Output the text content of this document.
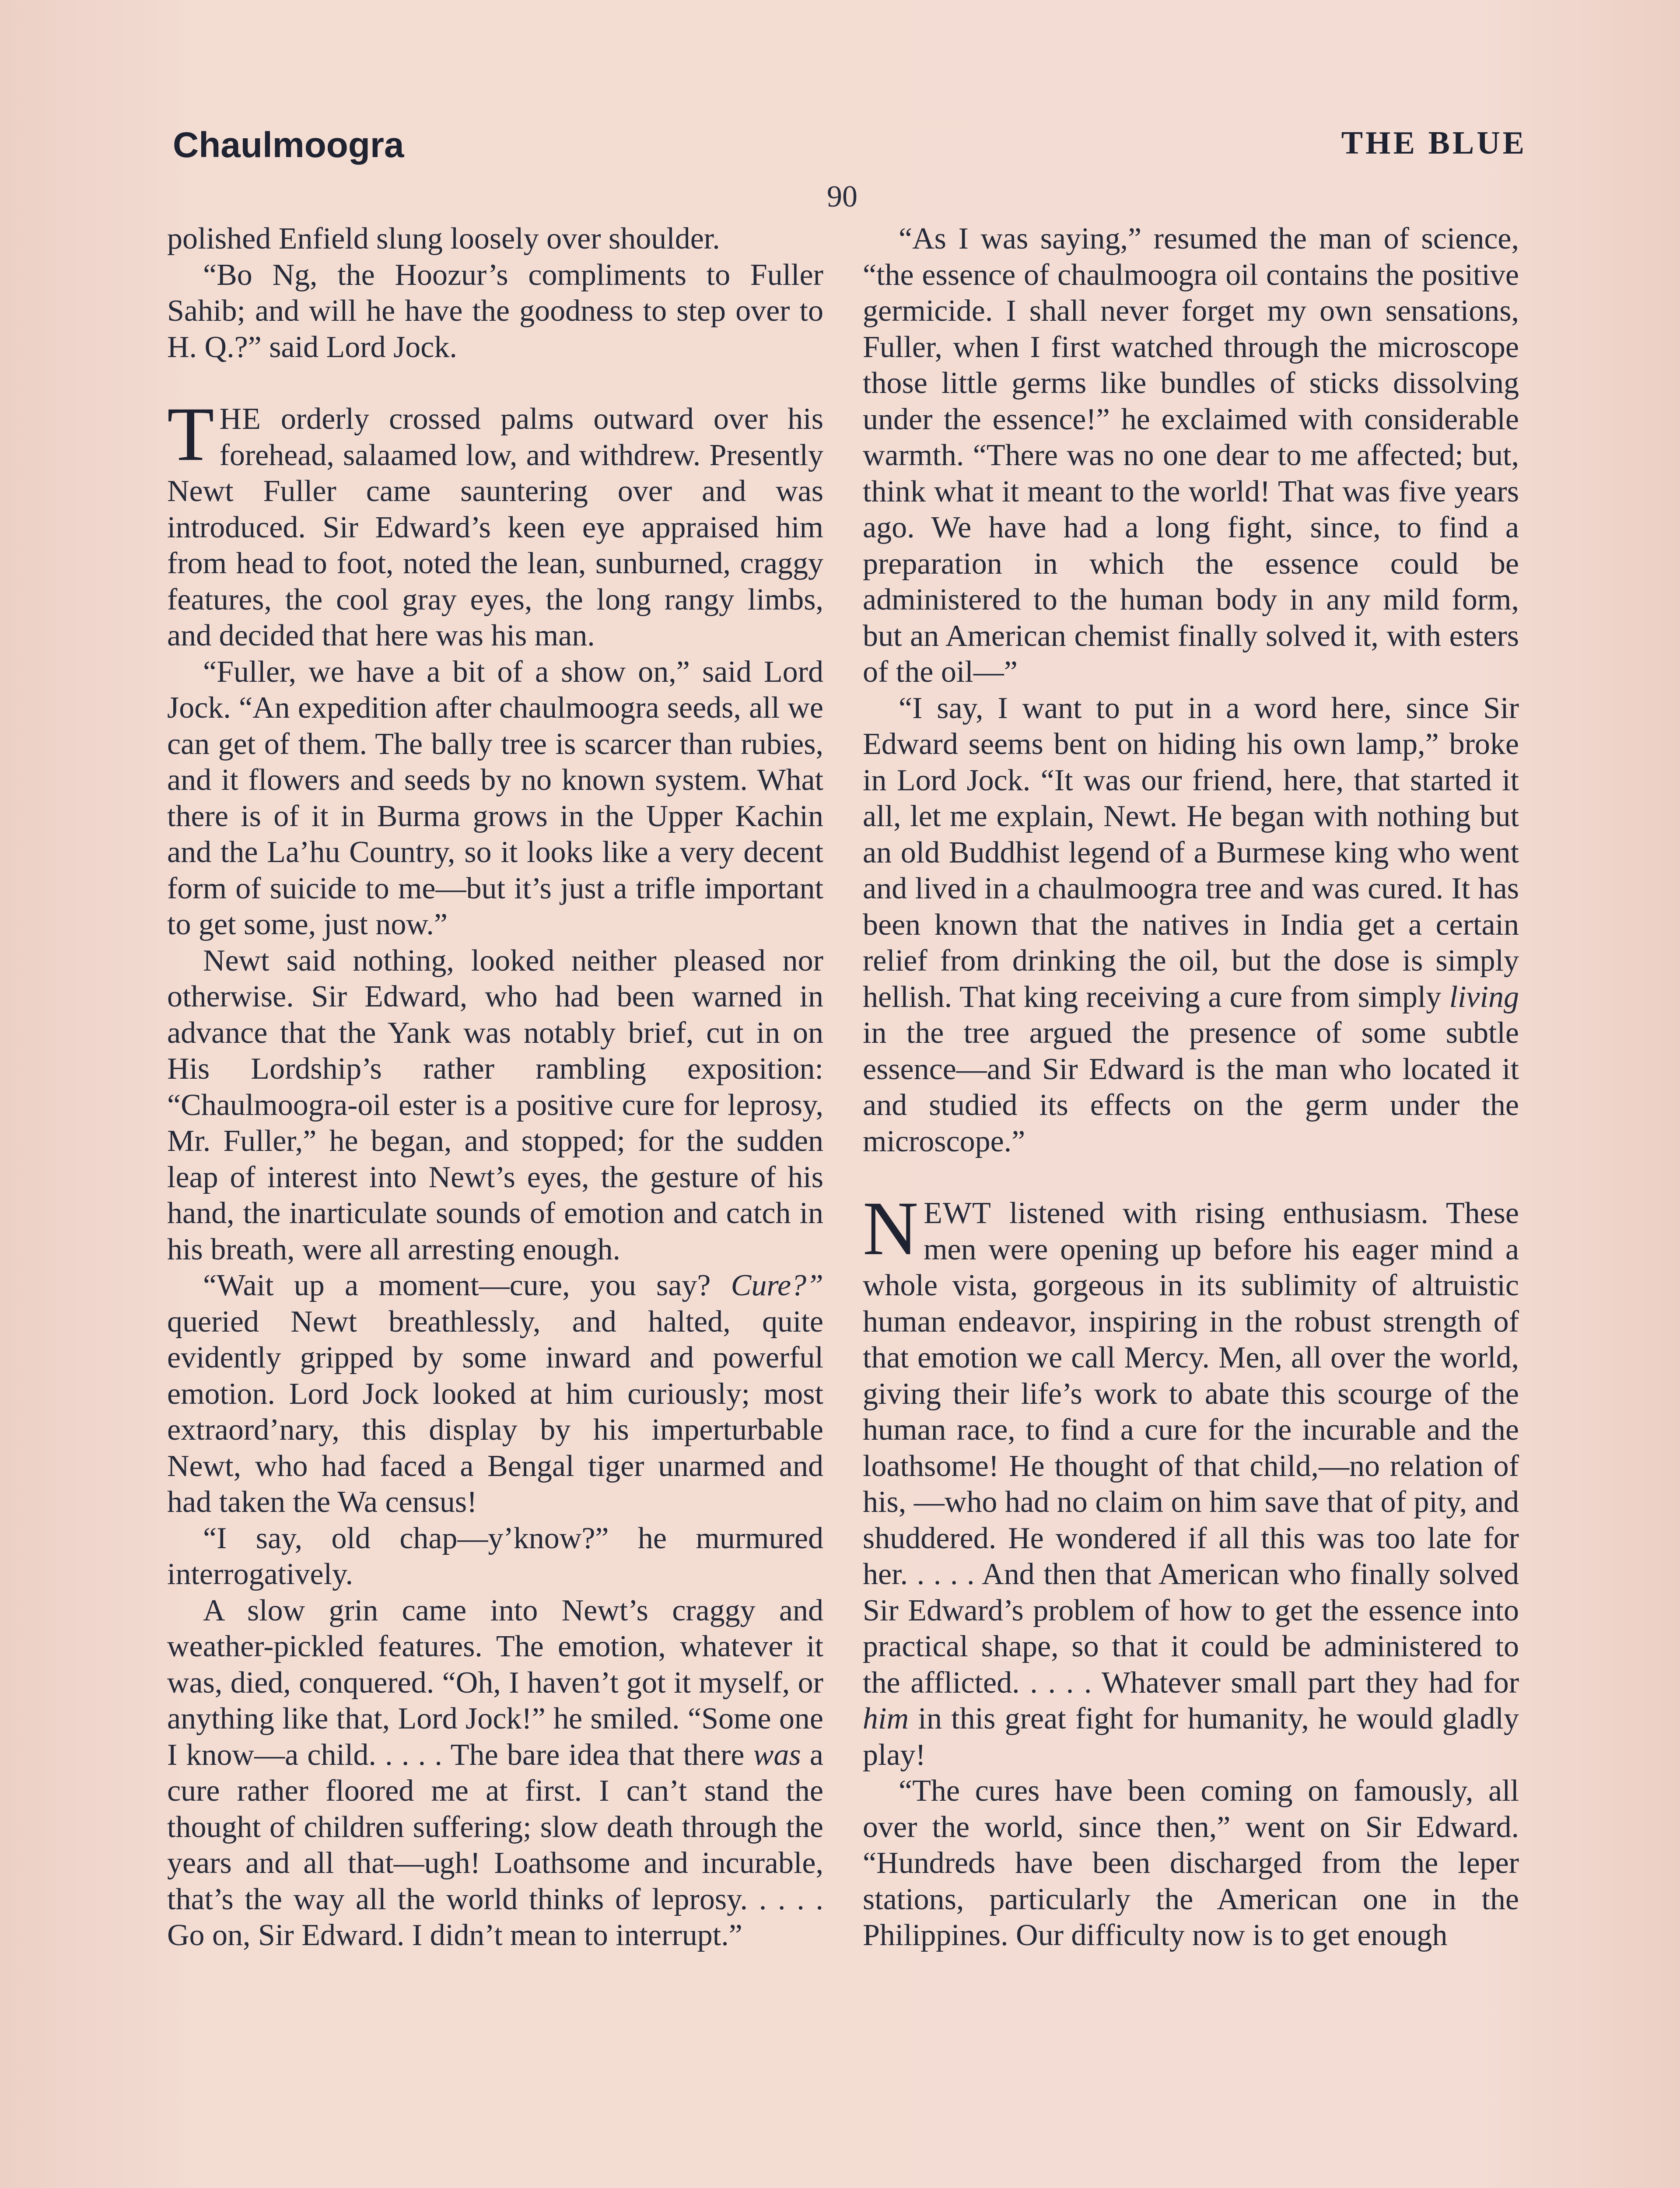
Chaulmoogra	THE BLUE
90

polished Enfield slung loosely over shoulder.

“Bo Ng, the Hoozur’s compliments to Fuller Sahib; and will he have the goodness to step over to H. Q.?” said Lord Jock.

THE orderly crossed palms outward over his forehead, salaamed low, and withdrew. Presently Newt Fuller came sauntering over and was introduced. Sir Edward’s keen eye appraised him from head to foot, noted the lean, sunburned, craggy features, the cool gray eyes, the long rangy limbs, and decided that here was his man.

“Fuller, we have a bit of a show on,” said Lord Jock. “An expedition after chaulmoogra seeds, all we can get of them. The bally tree is scarcer than rubies, and it flowers and seeds by no known system. What there is of it in Burma grows in the Upper Kachin and the La’hu Country, so it looks like a very decent form of suicide to me—but it’s just a trifle important to get some, just now.”

Newt said nothing, looked neither pleased nor otherwise. Sir Edward, who had been warned in advance that the Yank was notably brief, cut in on His Lordship’s rather rambling exposition: “Chaulmoogra-oil ester is a positive cure for leprosy, Mr. Fuller,” he began, and stopped; for the sudden leap of interest into Newt’s eyes, the gesture of his hand, the inarticulate sounds of emotion and catch in his breath, were all arresting enough.

“Wait up a moment—cure, you say? Cure?” queried Newt breathlessly, and halted, quite evidently gripped by some inward and powerful emotion. Lord Jock looked at him curiously; most extraord’nary, this display by his imperturbable Newt, who had faced a Bengal tiger unarmed and had taken the Wa census!

“I say, old chap—y’know?” he murmured interrogatively.

A slow grin came into Newt’s craggy and weather-pickled features. The emotion, whatever it was, died, conquered. “Oh, I haven’t got it myself, or anything like that, Lord Jock!” he smiled. “Some one I know—a child. . . . . The bare idea that there was a cure rather floored me at first. I can’t stand the thought of children suffering; slow death through the years and all that—ugh! Loathsome and incurable, that’s the way all the world thinks of leprosy. . . . . Go on, Sir Edward. I didn’t mean to interrupt.”

“As I was saying,” resumed the man of science, “the essence of chaulmoogra oil contains the positive germicide. I shall never forget my own sensations, Fuller, when I first watched through the microscope those little germs like bundles of sticks dissolving under the essence!” he exclaimed with considerable warmth. “There was no one dear to me affected; but, think what it meant to the world! That was five years ago. We have had a long fight, since, to find a preparation in which the essence could be administered to the human body in any mild form, but an American chemist finally solved it, with esters of the oil—”

“I say, I want to put in a word here, since Sir Edward seems bent on hiding his own lamp,” broke in Lord Jock. “It was our friend, here, that started it all, let me explain, Newt. He began with nothing but an old Buddhist legend of a Burmese king who went and lived in a chaulmoogra tree and was cured. It has been known that the natives in India get a certain relief from drinking the oil, but the dose is simply hellish. That king receiving a cure from simply living in the tree argued the presence of some subtle essence—and Sir Edward is the man who located it and studied its effects on the germ under the microscope.”

NEWT listened with rising enthusiasm. These men were opening up before his eager mind a whole vista, gorgeous in its sublimity of altruistic human endeavor, inspiring in the robust strength of that emotion we call Mercy. Men, all over the world, giving their life’s work to abate this scourge of the human race, to find a cure for the incurable and the loathsome! He thought of that child,—no relation of his, —who had no claim on him save that of pity, and shuddered. He wondered if all this was too late for her. . . . . And then that American who finally solved Sir Edward’s problem of how to get the essence into practical shape, so that it could be administered to the afflicted. . . . . Whatever small part they had for him in this great fight for humanity, he would gladly play!

“The cures have been coming on famously, all over the world, since then,” went on Sir Edward. “Hundreds have been discharged from the leper stations, particularly the American one in the Philippines. Our difficulty now is to get enough
